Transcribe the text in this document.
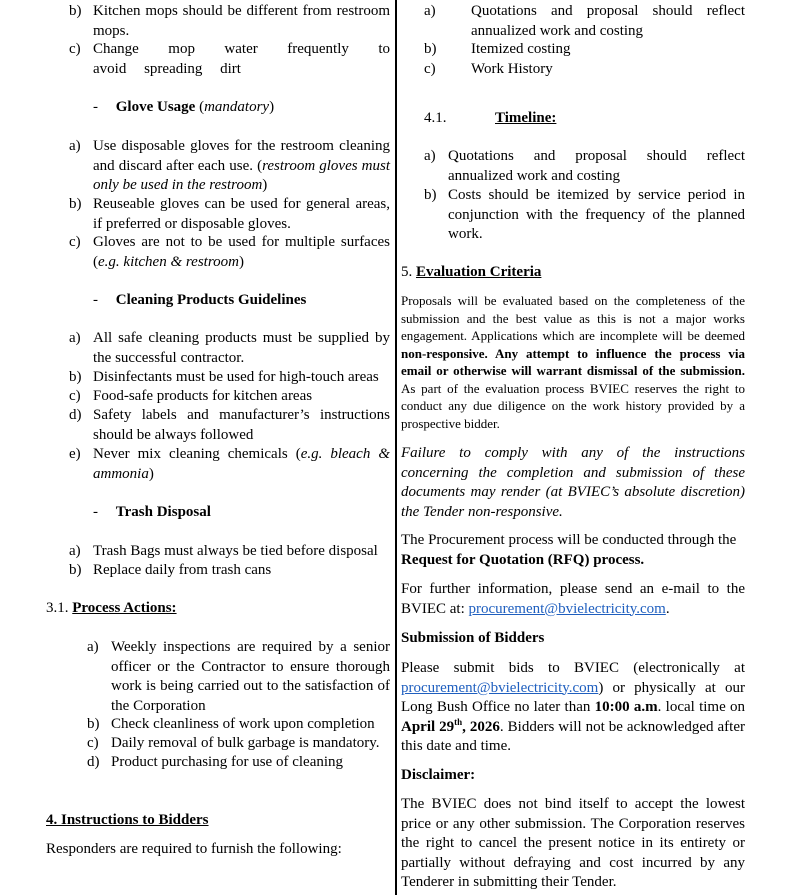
b) Kitchen mops should be different from restroom mops.
c) Change mop water frequently to avoid spreading dirt
- Glove Usage (mandatory)
a) Use disposable gloves for the restroom cleaning and discard after each use. (restroom gloves must only be used in the restroom)
b) Reuseable gloves can be used for general areas, if preferred or disposable gloves.
c) Gloves are not to be used for multiple surfaces (e.g. kitchen & restroom)
- Cleaning Products Guidelines
a) All safe cleaning products must be supplied by the successful contractor.
b) Disinfectants must be used for high-touch areas
c) Food-safe products for kitchen areas
d) Safety labels and manufacturer’s instructions should be always followed
e) Never mix cleaning chemicals (e.g. bleach & ammonia)
- Trash Disposal
a) Trash Bags must always be tied before disposal
b) Replace daily from trash cans
3.1. Process Actions:
a) Weekly inspections are required by a senior officer or the Contractor to ensure thorough work is being carried out to the satisfaction of the Corporation
b) Check cleanliness of work upon completion
c) Daily removal of bulk garbage is mandatory.
d) Product purchasing for use of cleaning
4. Instructions to Bidders
Responders are required to furnish the following:
a) Quotations and proposal should reflect annualized work and costing
b) Itemized costing
c) Work History
4.1.	Timeline:
a) Quotations and proposal should reflect annualized work and costing
b) Costs should be itemized by service period in conjunction with the frequency of the planned work.
5. Evaluation Criteria
Proposals will be evaluated based on the completeness of the submission and the best value as this is not a major works engagement. Applications which are incomplete will be deemed non-responsive. Any attempt to influence the process via email or otherwise will warrant dismissal of the submission. As part of the evaluation process BVIEC reserves the right to conduct any due diligence on the work history provided by a prospective bidder.
Failure to comply with any of the instructions concerning the completion and submission of these documents may render (at BVIEC’s absolute discretion) the Tender non-responsive.
The Procurement process will be conducted through the Request for Quotation (RFQ) process.
For further information, please send an e-mail to the BVIEC at: procurement@bvielectricity.com.
Submission of Bidders
Please submit bids to BVIEC (electronically at procurement@bvielectricity.com) or physically at our Long Bush Office no later than 10:00 a.m. local time on April 29th, 2026. Bidders will not be acknowledged after this date and time.
Disclaimer:
The BVIEC does not bind itself to accept the lowest price or any other submission. The Corporation reserves the right to cancel the present notice in its entirety or partially without defraying and cost incurred by any Tenderer in submitting their Tender.
